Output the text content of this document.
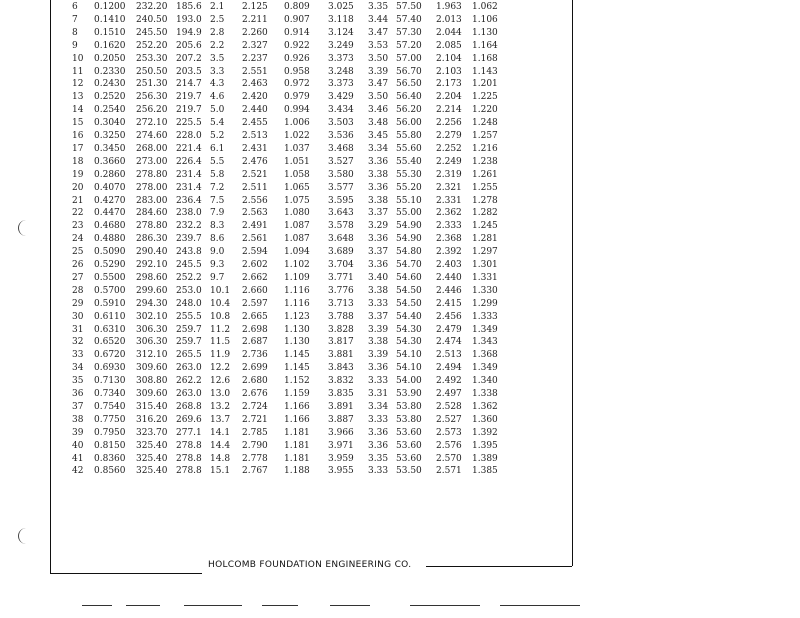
6 0.1200 232.20 185.6 2.1 2.125 0.809 3.025 3.35 57.50 1.963 1.062
7 0.1410 240.50 193.0 2.5 2.211 0.907 3.118 3.44 57.40 2.013 1.106
8 0.1510 245.50 194.9 2.8 2.260 0.914 3.124 3.47 57.30 2.044 1.130
9 0.1620 252.20 205.6 2.2 2.327 0.922 3.249 3.53 57.20 2.085 1.164
10 0.2050 253.30 207.2 3.5 2.237 0.926 3.373 3.50 57.00 2.104 1.168
11 0.2330 250.50 203.5 3.3 2.551 0.958 3.248 3.39 56.70 2.103 1.143
12 0.2430 251.30 214.7 4.3 2.463 0.972 3.373 3.47 56.50 2.173 1.201
13 0.2520 256.30 219.7 4.6 2.420 0.979 3.429 3.50 56.40 2.204 1.225
14 0.2540 256.20 219.7 5.0 2.440 0.994 3.434 3.46 56.20 2.214 1.220
15 0.3040 272.10 225.5 5.4 2.455 1.006 3.503 3.48 56.00 2.256 1.248
16 0.3250 274.60 228.0 5.2 2.513 1.022 3.536 3.45 55.80 2.279 1.257
17 0.3450 268.00 221.4 6.1 2.431 1.037 3.468 3.34 55.60 2.252 1.216
18 0.3660 273.00 226.4 5.5 2.476 1.051 3.527 3.36 55.40 2.249 1.238
19 0.2860 278.80 231.4 5.8 2.521 1.058 3.580 3.38 55.30 2.319 1.261
20 0.4070 278.00 231.4 7.2 2.511 1.065 3.577 3.36 55.20 2.321 1.255
21 0.4270 283.00 236.4 7.5 2.556 1.075 3.595 3.38 55.10 2.331 1.278
22 0.4470 284.60 238.0 7.9 2.563 1.080 3.643 3.37 55.00 2.362 1.282
23 0.4680 278.80 232.2 8.3 2.491 1.087 3.578 3.29 54.90 2.333 1.245
24 0.4880 286.30 239.7 8.6 2.561 1.087 3.648 3.36 54.90 2.368 1.281
25 0.5090 290.40 243.8 9.0 2.594 1.094 3.689 3.37 54.80 2.392 1.297
26 0.5290 292.10 245.5 9.3 2.602 1.102 3.704 3.36 54.70 2.403 1.301
27 0.5500 298.60 252.2 9.7 2.662 1.109 3.771 3.40 54.60 2.440 1.331
28 0.5700 299.60 253.0 10.1 2.660 1.116 3.776 3.38 54.50 2.446 1.330
29 0.5910 294.30 248.0 10.4 2.597 1.116 3.713 3.33 54.50 2.415 1.299
30 0.6110 302.10 255.5 10.8 2.665 1.123 3.788 3.37 54.40 2.456 1.333
31 0.6310 306.30 259.7 11.2 2.698 1.130 3.828 3.39 54.30 2.479 1.349
32 0.6520 306.30 259.7 11.5 2.687 1.130 3.817 3.38 54.30 2.474 1.343
33 0.6720 312.10 265.5 11.9 2.736 1.145 3.881 3.39 54.10 2.513 1.368
34 0.6930 309.60 263.0 12.2 2.699 1.145 3.843 3.36 54.10 2.494 1.349
35 0.7130 308.80 262.2 12.6 2.680 1.152 3.832 3.33 54.00 2.492 1.340
36 0.7340 309.60 263.0 13.0 2.676 1.159 3.835 3.31 53.90 2.497 1.338
37 0.7540 315.40 268.8 13.2 2.724 1.166 3.891 3.34 53.80 2.528 1.362
38 0.7750 316.20 269.6 13.7 2.721 1.166 3.887 3.33 53.80 2.527 1.360
39 0.7950 323.70 277.1 14.1 2.785 1.181 3.966 3.36 53.60 2.573 1.392
40 0.8150 325.40 278.8 14.4 2.790 1.181 3.971 3.36 53.60 2.576 1.395
41 0.8360 325.40 278.8 14.8 2.778 1.181 3.959 3.35 53.60 2.570 1.389
42 0.8560 325.40 278.8 15.1 2.767 1.188 3.955 3.33 53.50 2.571 1.385
HOLCOMB FOUNDATION ENGINEERING CO.
